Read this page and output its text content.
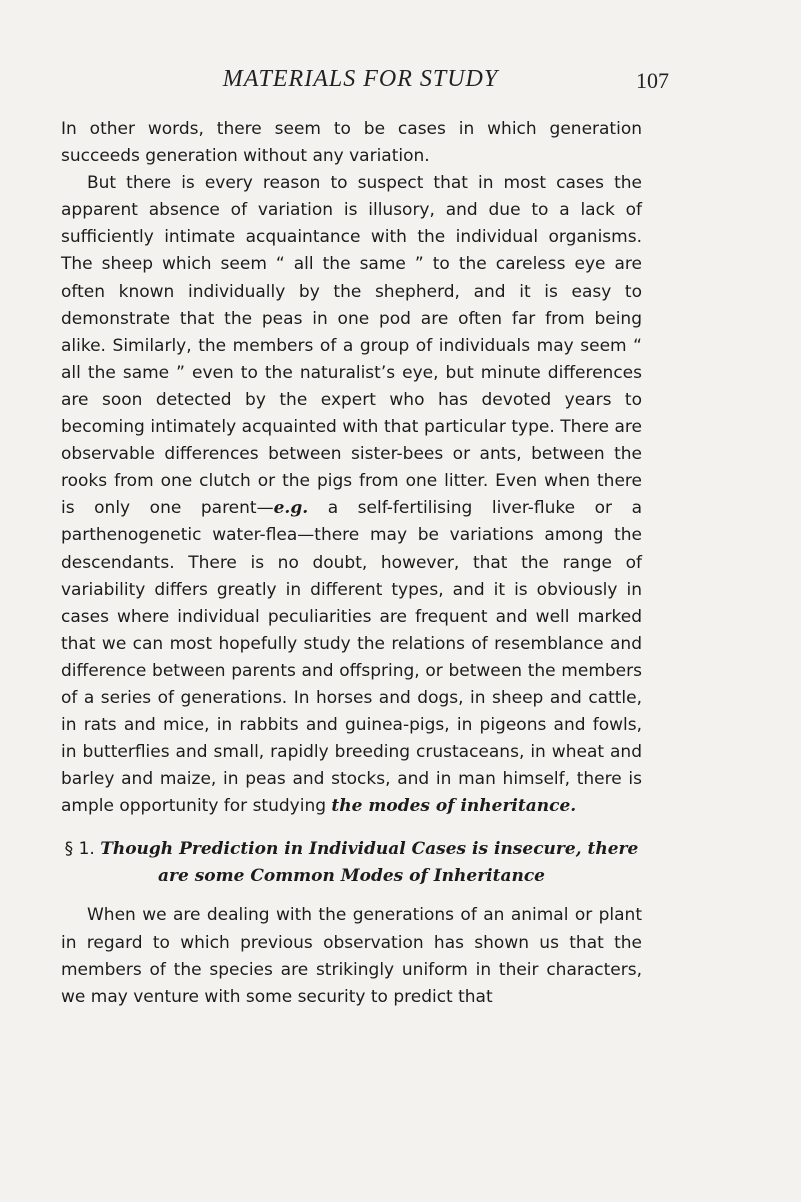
MATERIALS FOR STUDY	107

In other words, there seem to be cases in which generation succeeds generation without any variation.

But there is every reason to suspect that in most cases the apparent absence of variation is illusory, and due to a lack of sufficiently intimate acquaintance with the individual organisms. The sheep which seem “ all the same ” to the careless eye are often known individually by the shepherd, and it is easy to demonstrate that the peas in one pod are often far from being alike. Similarly, the members of a group of individuals may seem “ all the same ” even to the naturalist’s eye, but minute differences are soon detected by the expert who has devoted years to becoming intimately acquainted with that particular type. There are observable differences between sister-bees or ants, between the rooks from one clutch or the pigs from one litter. Even when there is only one parent—e.g. a self-fertilising liver-fluke or a parthenogenetic water-flea—there may be variations among the descendants. There is no doubt, however, that the range of variability differs greatly in different types, and it is obviously in cases where individual peculiarities are frequent and well marked that we can most hopefully study the relations of resemblance and difference between parents and offspring, or between the members of a series of generations. In horses and dogs, in sheep and cattle, in rats and mice, in rabbits and guinea-pigs, in pigeons and fowls, in butterflies and small, rapidly breeding crustaceans, in wheat and barley and maize, in peas and stocks, and in man himself, there is ample opportunity for studying the modes of inheritance.

§ 1. Though Prediction in Individual Cases is insecure, there are some Common Modes of Inheritance

When we are dealing with the generations of an animal or plant in regard to which previous observation has shown us that the members of the species are strikingly uniform in their characters, we may venture with some security to predict that
